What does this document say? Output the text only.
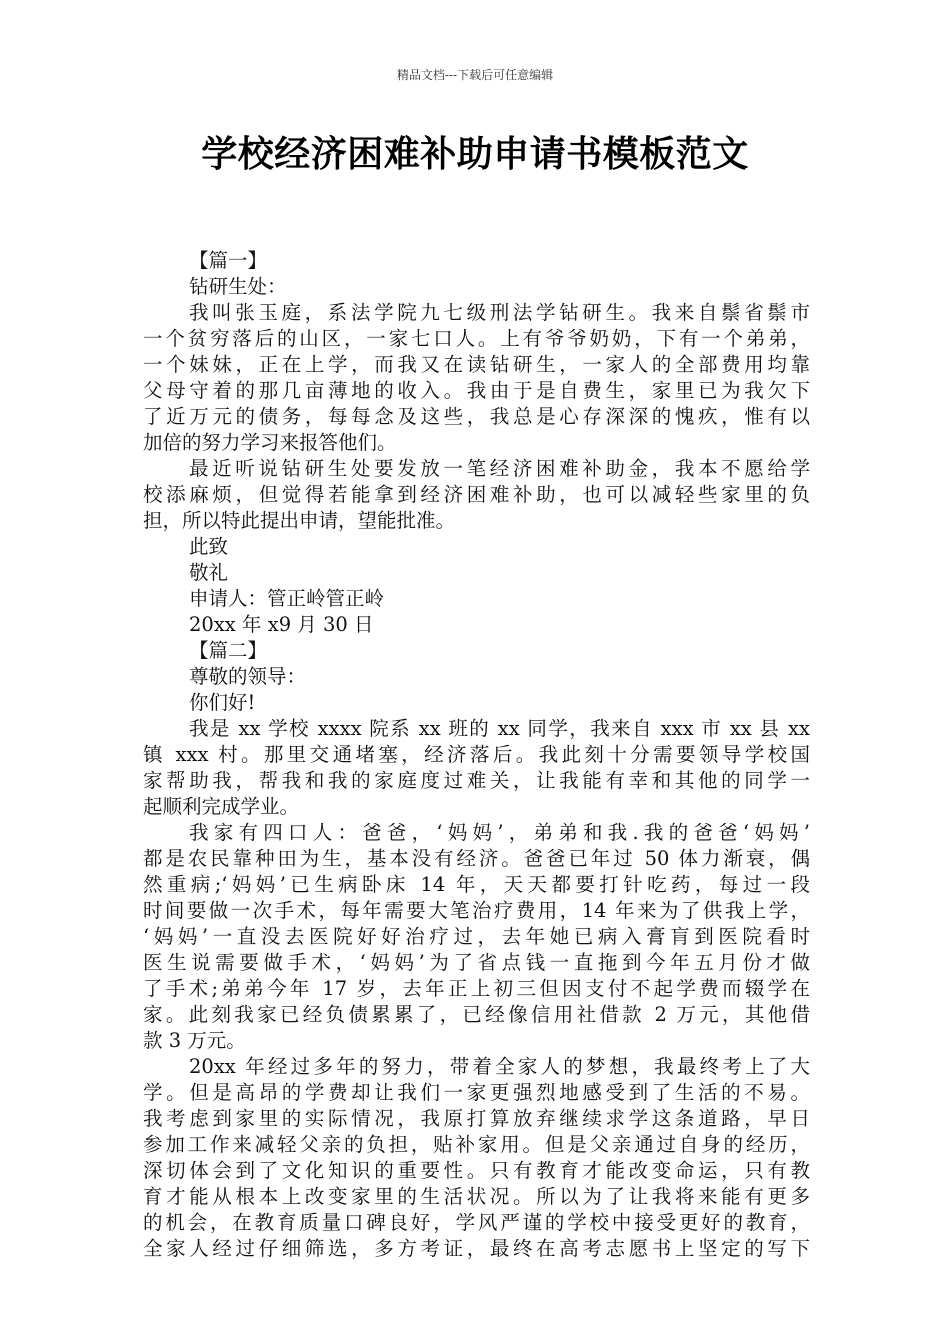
精品文档---下载后可任意编辑
学校经济困难补助申请书模板范文
【篇一】
钻研生处：
我叫张玉庭，系法学院九七级刑法学钻研生。我来自鬃省鬃市
一个贫穷落后的山区，一家七口人。上有爷爷奶奶，下有一个弟弟，
一个妹妹，正在上学，而我又在读钻研生，一家人的全部费用均靠
父母守着的那几亩薄地的收入。我由于是自费生，家里已为我欠下
了近万元的债务，每每念及这些，我总是心存深深的愧疚，惟有以
加倍的努力学习来报答他们。
最近听说钻研生处要发放一笔经济困难补助金，我本不愿给学
校添麻烦，但觉得若能拿到经济困难补助，也可以减轻些家里的负
担，所以特此提出申请，望能批准。
此致
敬礼
申请人：管正岭管正岭
20xx 年 x9 月 30 日
【篇二】
尊敬的领导：
你们好!
我是 xx 学校 xxxx 院系 xx 班的 xx 同学，我来自 xxx 市 xx 县 xx
镇 xxx 村。那里交通堵塞，经济落后。我此刻十分需要领导学校国
家帮助我，帮我和我的家庭度过难关，让我能有幸和其他的同学一
起顺利完成学业。
我家有四口人：爸爸，‘妈妈’，弟弟和我.我的爸爸‘妈妈’
都是农民靠种田为生，基本没有经济。爸爸已年过 50 体力渐衰，偶
然重病;‘妈妈’已生病卧床 14 年，天天都要打针吃药，每过一段
时间要做一次手术，每年需要大笔治疗费用，14 年来为了供我上学，
‘妈妈’一直没去医院好好治疗过，去年她已病入膏肓到医院看时
医生说需要做手术，‘妈妈’为了省点钱一直拖到今年五月份才做
了手术;弟弟今年 17 岁，去年正上初三但因支付不起学费而辍学在
家。此刻我家已经负债累累了，已经像信用社借款 2 万元，其他借
款 3 万元。
20xx 年经过多年的努力，带着全家人的梦想，我最终考上了大
学。但是高昂的学费却让我们一家更强烈地感受到了生活的不易。
我考虑到家里的实际情况，我原打算放弃继续求学这条道路，早日
参加工作来减轻父亲的负担，贴补家用。但是父亲通过自身的经历，
深切体会到了文化知识的重要性。只有教育才能改变命运，只有教
育才能从根本上改变家里的生活状况。所以为了让我将来能有更多
的机会，在教育质量口碑良好，学风严谨的学校中接受更好的教育，
全家人经过仔细筛选，多方考证，最终在高考志愿书上坚定的写下
